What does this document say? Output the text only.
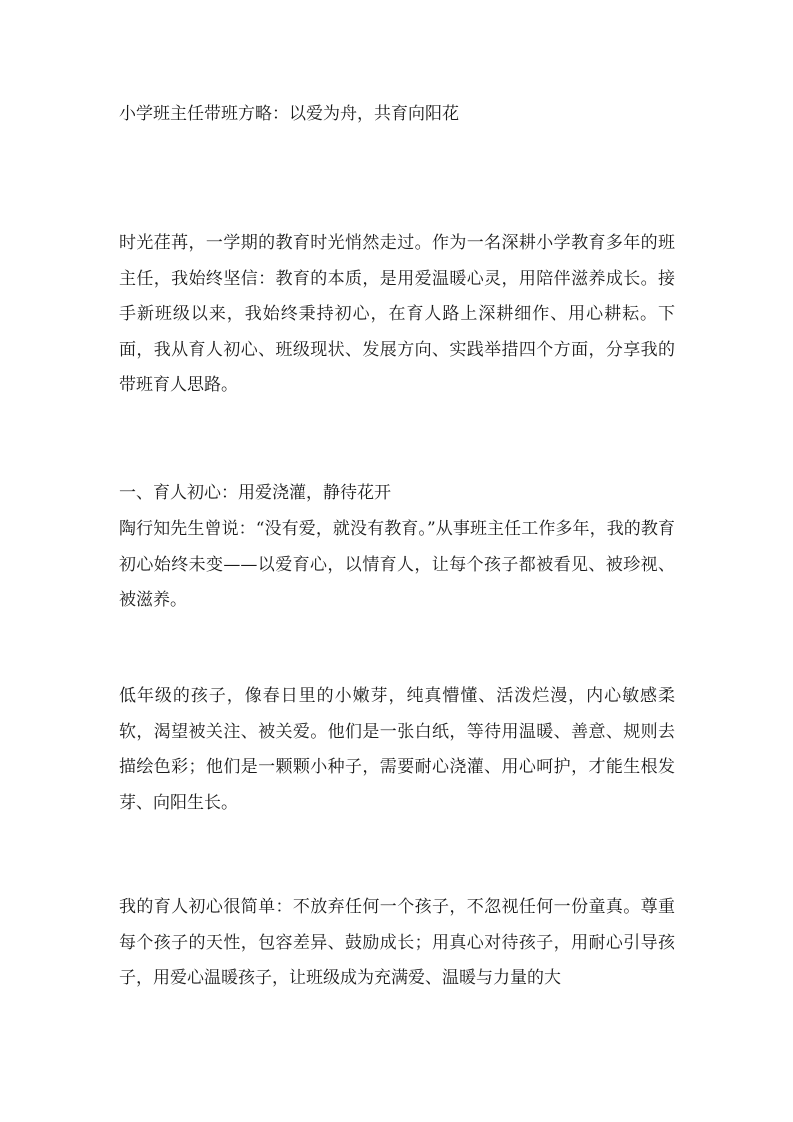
小学班主任带班方略：以爱为舟，共育向阳花
时光荏苒，一学期的教育时光悄然走过。作为一名深耕小学教育多年的班主任，我始终坚信：教育的本质，是用爱温暖心灵，用陪伴滋养成长。接手新班级以来，我始终秉持初心，在育人路上深耕细作、用心耕耘。下面，我从育人初心、班级现状、发展方向、实践举措四个方面，分享我的带班育人思路。
一、育人初心：用爱浇灌，静待花开
陶行知先生曾说：“没有爱，就没有教育。”从事班主任工作多年，我的教育初心始终未变——以爱育心，以情育人，让每个孩子都被看见、被珍视、被滋养。
低年级的孩子，像春日里的小嫩芽，纯真懵懂、活泼烂漫，内心敏感柔软，渴望被关注、被关爱。他们是一张白纸，等待用温暖、善意、规则去描绘色彩；他们是一颗颗小种子，需要耐心浇灌、用心呵护，才能生根发芽、向阳生长。
我的育人初心很简单：不放弃任何一个孩子，不忽视任何一份童真。尊重每个孩子的天性，包容差异、鼓励成长；用真心对待孩子，用耐心引导孩子，用爱心温暖孩子，让班级成为充满爱、温暖与力量的大
